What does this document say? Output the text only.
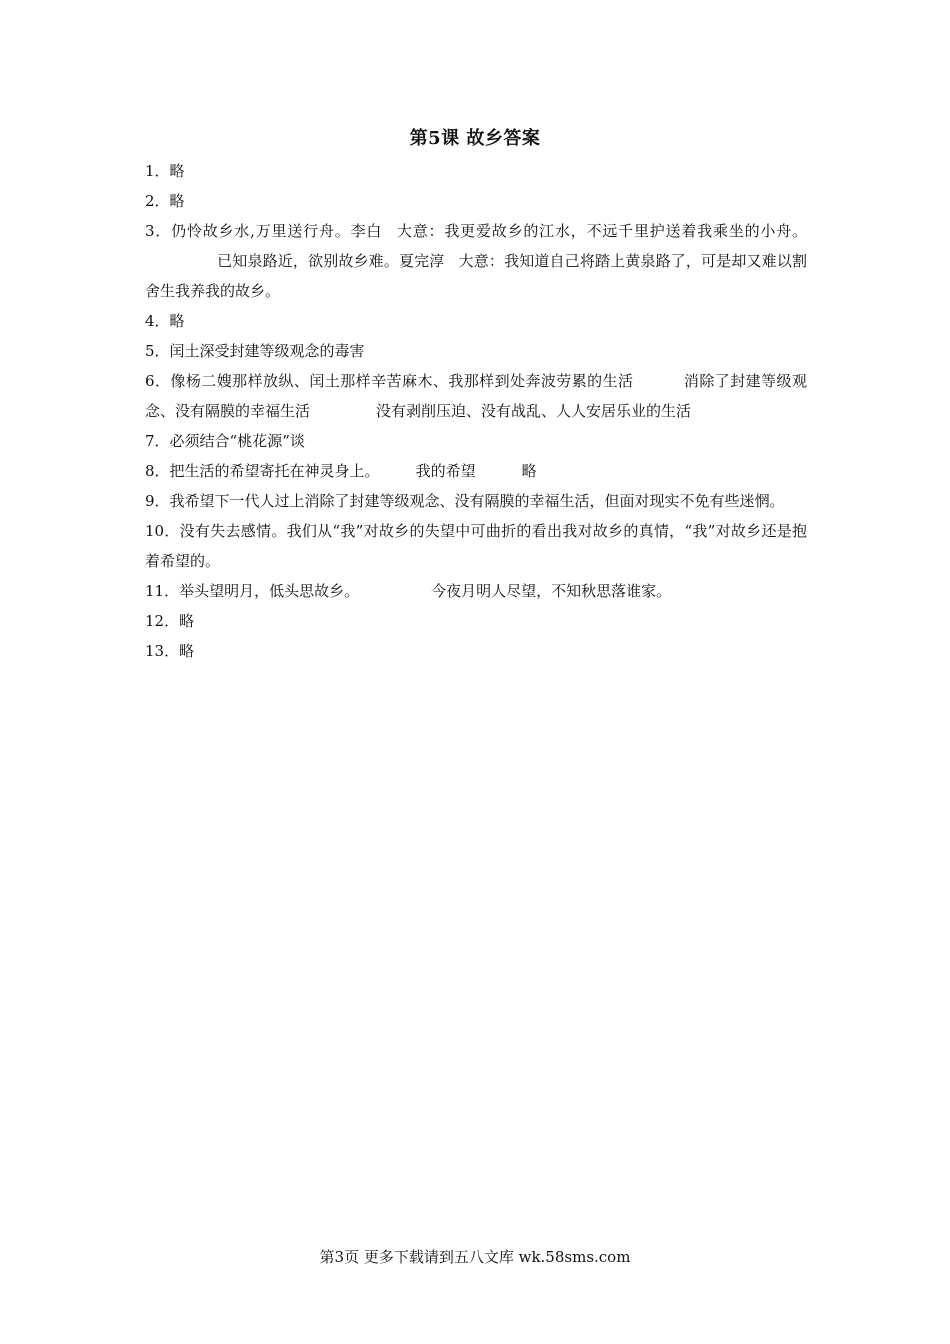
第5课 故乡答案

1．略

2．略

3．仍怜故乡水,万里送行舟。李白 大意：我更爱故乡的江水，不远千里护送着我乘坐的小舟。已知泉路近，欲别故乡难。夏完淳 大意：我知道自己将踏上黄泉路了，可是却又难以割舍生我养我的故乡。

4．略

5．闰土深受封建等级观念的毒害

6．像杨二嫂那样放纵、闰土那样辛苦麻木、我那样到处奔波劳累的生活	消除了封建等级观念、没有隔膜的幸福生活	没有剥削压迫、没有战乱、人人安居乐业的生活

7．必须结合“桃花源”谈

8．把生活的希望寄托在神灵身上。 我的希望	略

9．我希望下一代人过上消除了封建等级观念、没有隔膜的幸福生活，但面对现实不免有些迷惘。

10．没有失去感情。我们从“我”对故乡的失望中可曲折的看出我对故乡的真情，“我”对故乡还是抱着希望的。

11．举头望明月，低头思故乡。	今夜月明人尽望，不知秋思落谁家。

12．略

13．略

第3页 更多下载请到五八文库 wk.58sms.com
